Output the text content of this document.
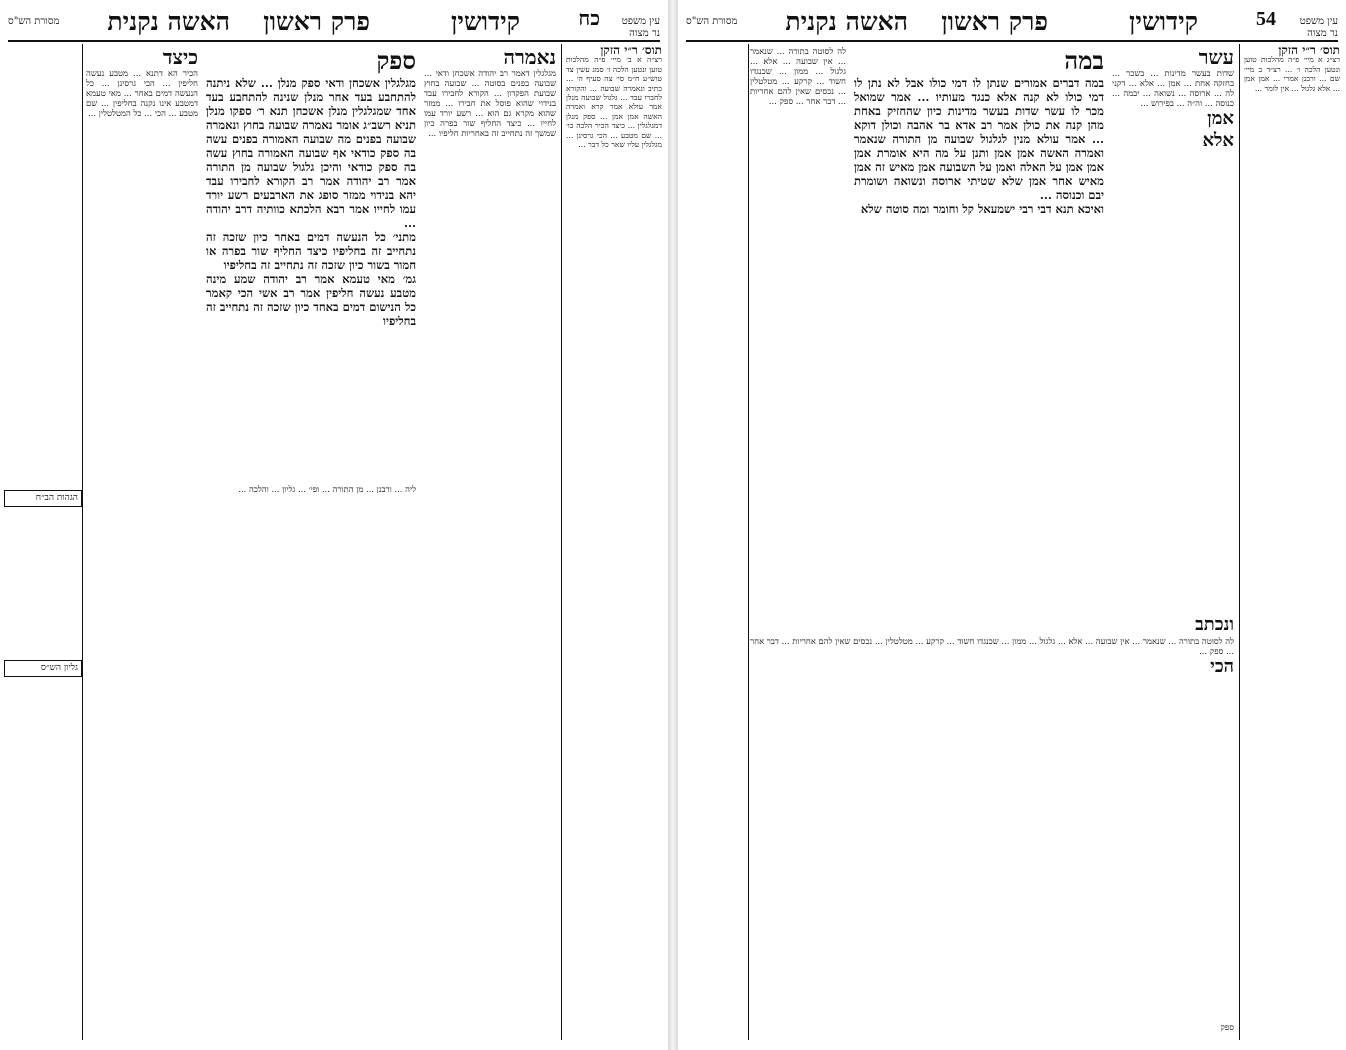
עין משפט
נר מצוה
כח
קידושין
פרק ראשון
האשה נקנית
מסורת הש"ס
תוס׳ ר״י הזקן
רצ״ה א ב׳ מיי׳ פ״ה מהלכות טוען ונטען הלכה ז׳ סמג עשין צד טוש״ע ח״מ סי׳ צה סעיף ה׳ ... כתיב ונאמרה שבועה ... והקורא לחברו עבד ... גלגול שבועה מנלן אמר עולא אמר קרא ואמרה האשה אמן אמן ... ספק מנלן דמגלגלין ... כיצד הכיר הלכה כו׳ ... שם מטבע ... הכי גרסינן ... מגלגלין עליו שאר כל דבר ...
נאמרה
מגלגלין דאמר רב יהודה אשכחן ודאי ... שבועה בפנים בסוטה ... שבועה בחוץ שבועת הפקדון ... הקורא לחבירו עבד בנידוי שהוא פוסל את חבירו ... ממזר שהוא מקרא גם הוא ... רשע יורד עמו לחייו ... כיצד החליף שור בפרה כיון שמשך זה נתחייב זה באחריות חליפיו ...
ספק
מגלגלין אשכחן ודאי ספק מנלן ... שלא ניתנה להתחבע בעד אחר מנלן שנינה להתחבע בעד אחד שמגלגלין מנלן אשכחן תנא ר׳ ספקו מנלן תניא רשב״ג אומר נאמרה שבועה בחוץ ונאמרה שבועה בפנים מה שבועה האמורה בפנים עשה בה ספק כודאי אף שבועה האמורה בחוץ עשה בה ספק כודאי והיכן גלגול שבועה מן התורה אמר רב יהודה אמר רב הקורא לחבירו עבד יהא בנידוי ממזר סופג את הארבעים רשע יורד עמו לחייו אמר רבא הלכתא כוותיה דרב יהודה ...
מתני׳ כל הנעשה דמים באחר כיון שזכה זה נתחייב זה בחליפיו כיצד החליף שור בפרה או חמור בשור כיון שזכה זה נתחייב זה בחליפיו
גמ׳ מאי טעמא אמר רב יהודה שמע מינה מטבע נעשה חליפין אמר רב אשי הכי קאמר כל הנישום דמים באחד כיון שזכה זה נתחייב זה בחליפיו
כיצד
הכיר הא דתנא ... מטבע נעשה חליפין ... הכי גרסינן ... כל הנעשה דמים באחר ... מאי טעמא דמטבע אינו נקנה בחליפין ... שם מטבע ... הכי ... כל המטלטלין ...
ליה ... ורבנן ... מן התורה ... ופי׳ ... גליון ... והלכה ...
הגהות הב״ח
גליון הש״ס
עין משפט
נר מצוה
54
קידושין
פרק ראשון
האשה נקנית
מסורת הש"ס
תוס׳ ר״י הזקן
רצ״ג א מיי׳ פ״ה מהלכות טוען ונטען הלכה ו׳ ... רצ״ד ב מיי׳ שם ... ורבנן אמרי ... אמן אמן ... אלא גלגול ... אין לומר ...
עשר
שדות בעשר מדינות ... בשכר ... בחזקה אחת ... אמן ... אלא ... דקני לה ... ארוסה ... נשואה ... יבמה ... כנוסה ... וה״ה ... בפירוש ...
אמן
אלא
במה
במה דברים אמורים שנתן לו דמי כולו אבל לא נתן לו דמי כולו לא קנה אלא כנגד מעותיו ... אמר שמואל מכר לו עשר שדות בעשר מדינות כיון שהחזיק באחת מהן קנה את כולן אמר רב אדא בר אהבה וכולן דוקא ... אמר עולא מנין לגלגול שבועה מן התורה שנאמר ואמרה האשה אמן אמן ותנן על מה היא אומרת אמן אמן אמן על האלה ואמן על השבועה אמן מאיש זה אמן מאיש אחר אמן שלא שטיתי ארוסה ונשואה ושומרת יבם וכנוסה ...
ואיכא תנא דבי רבי ישמעאל קל וחומר ומה סוטה שלא
לה לסוטה בתורה ... שנאמר ... אין שבועה ... אלא ... גלגול ... ממון ... שכנגדו חשוד ... קרקע ... מטלטלין ... נכסים שאין להם אחריות ... דבר אחר ... ספק ...
ונכתב
לה לסוטה בתורה ... שנאמר ... אין שבועה ... אלא ... גלגול ... ממון ... שכנגדו חשוד ... קרקע ... מטלטלין ... נכסים שאין להם אחריות ... דבר אחר ... ספק ...
הכי
ספק
